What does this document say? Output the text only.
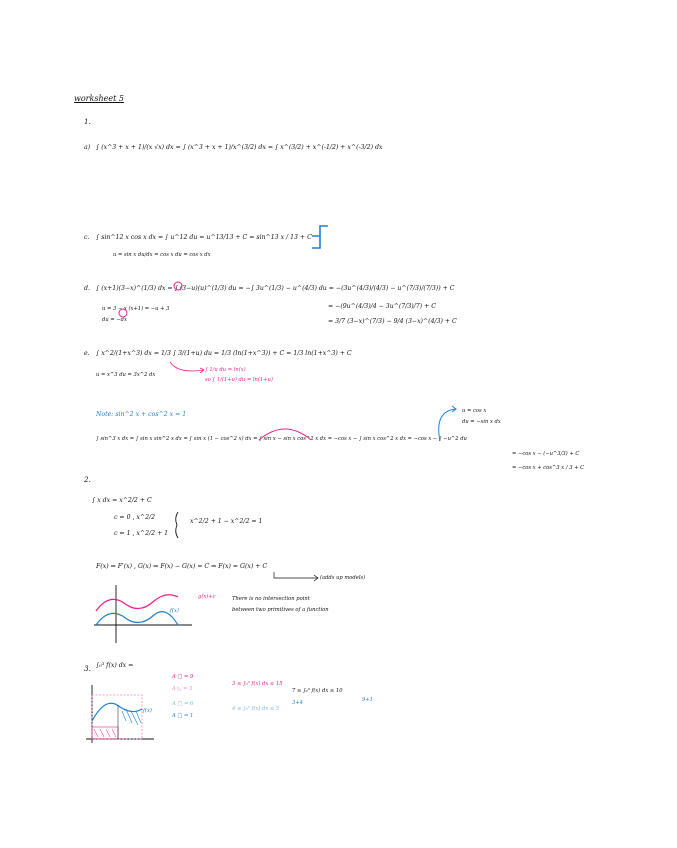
worksheet 5
1.
a) ∫ (x^3 + x + 1)/(x √x) dx = ∫ (x^3 + x + 1)/x^(3/2) dx = ∫ x^(3/2) + x^(-1/2) + x^(-3/2) dx
c. ∫ sin^12 x cos x dx = ∫ u^12 du = u^13/13 + C = sin^13 x / 13 + C
u = sin x du/dx = cos x du = cos x dx
d. ∫ (x+1)(3−x)^(1/3) dx = ∫ (3−u)(u)^(1/3) du = −∫ 3u^(1/3) − u^(4/3) du = −(3u^(4/3)/(4/3) − u^(7/3)/(7/3)) + C
u = 3 − x (x+1) = −u + 3
du = −dx
= −(9u^(4/3)/4 − 3u^(7/3)/7) + C
= 3/7 (3−x)^(7/3) − 9/4 (3−x)^(4/3) + C
e. ∫ x^2/(1+x^3) dx = 1/3 ∫ 3/(1+u) du = 1/3 (ln(1+x^3)) + C = 1/3 ln(1+x^3) + C
u = x^3 du = 3x^2 dx
∫ 1/u du = ln(x)
so ∫ 1/(1+u) du = ln(1+u)
Note: sin^2 x + cos^2 x = 1	u = cos x
du = −sin x dx
∫ sin^3 x dx = ∫ sin x sin^2 x dx = ∫ sin x (1 − cos^2 x) dx = ∫ sin x − sin x cos^2 x dx = −cos x − ∫ sin x cos^2 x dx = −cos x − ∫ −u^2 du
= −cos x − (−u^3/3) + C
= −cos x + cos^3 x / 3 + C
2.
∫ x dx = x^2/2 + C
c = 0 , x^2/2
c = 1 , x^2/2 + 1
x^2/2 + 1 − x^2/2 = 1
F(x) ⇒ F'(x) , G(x) ⇒ F(x) − G(x) = C ⇒ F(x) = G(x) + C
(adds up models)
g(x)+c
f(x)
There is no intersection point between two primitives of a function
3. ∫₀³ f(x) dx =
f(x)
A □ = 9
A ◺ = 3
A □ = 6
A □ = 1
3 ≤ ∫₀³ f(x) dx ≤ 15
4 ≤ ∫₀³ f(x) dx ≤ 5
7 ≤ ∫₀³ f(x) dx ≤ 10
3+4	9+1
